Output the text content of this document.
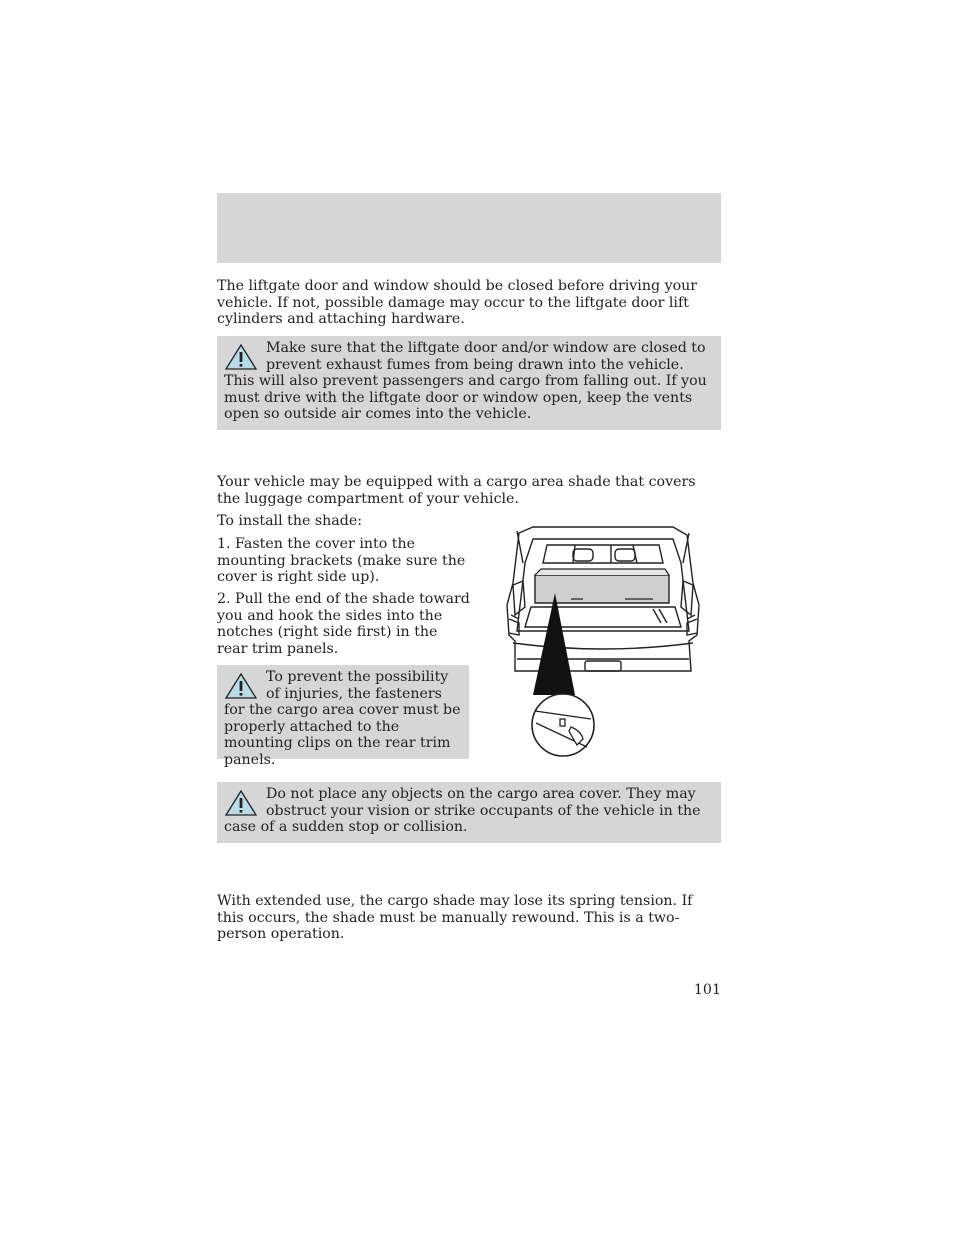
The liftgate door and window should be closed before driving your vehicle. If not, possible damage may occur to the liftgate door lift cylinders and attaching hardware.

Make sure that the liftgate door and/or window are closed to prevent exhaust fumes from being drawn into the vehicle. This will also prevent passengers and cargo from falling out. If you must drive with the liftgate door or window open, keep the vents open so outside air comes into the vehicle.

Your vehicle may be equipped with a cargo area shade that covers the luggage compartment of your vehicle.

To install the shade:

1. Fasten the cover into the mounting brackets (make sure the cover is right side up).

2. Pull the end of the shade toward you and hook the sides into the notches (right side first) in the rear trim panels.

To prevent the possibility of injuries, the fasteners for the cargo area cover must be properly attached to the mounting clips on the rear trim panels.

Do not place any objects on the cargo area cover. They may obstruct your vision or strike occupants of the vehicle in the case of a sudden stop or collision.

With extended use, the cargo shade may lose its spring tension. If this occurs, the shade must be manually rewound. This is a two-person operation.

101
